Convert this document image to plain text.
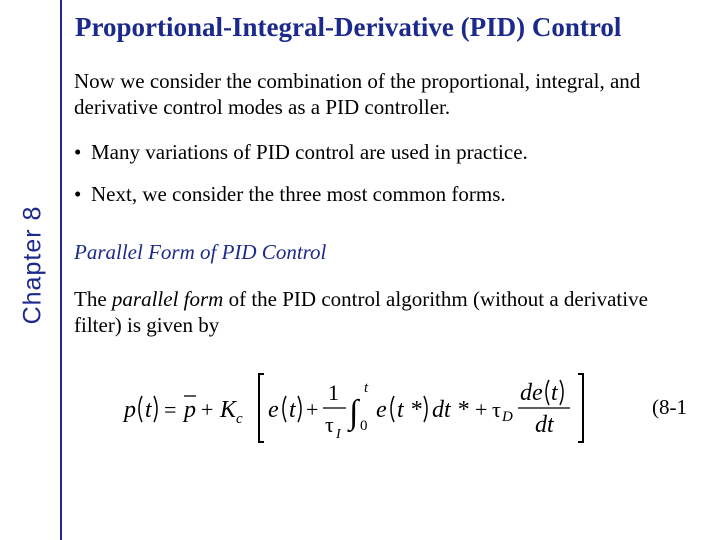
Chapter 8
Proportional-Integral-Derivative (PID) Control
Now we consider the combination of the proportional, integral, and derivative control modes as a PID controller.
• Many variations of PID control are used in practice.
• Next, we consider the three most common forms.
Parallel Form of PID Control
The parallel form of the PID control algorithm (without a derivative filter) is given by
p t = p + K c e t +
1
τ I
∫
t
0
e t * dt * + τ D
de t
dt
(8-1
